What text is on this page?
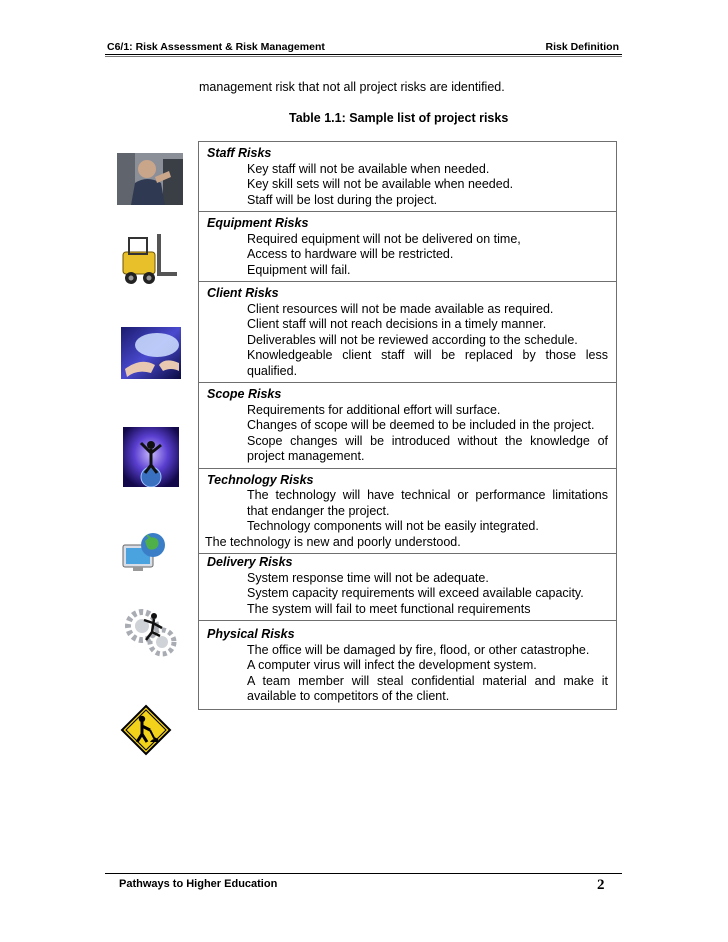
C6/1: Risk Assessment & Risk Management	Risk Definition
management risk that not all project risks are identified.
Table 1.1: Sample list of project risks
Staff Risks
Key staff will not be available when needed.
Key skill sets will not be available when needed.
Staff will be lost during the project.
Equipment Risks
Required equipment will not be delivered on time,
Access to hardware will be restricted.
Equipment will fail.
Client Risks
Client resources will not be made available as required.
Client staff will not reach decisions in a timely manner.
Deliverables will not be reviewed according to the schedule.
Knowledgeable client staff will be replaced by those less qualified.
Scope Risks
Requirements for additional effort will surface.
Changes of scope will be deemed to be included in the project.
Scope changes will be introduced without the knowledge of project management.
Technology Risks
The technology will have technical or performance limitations that endanger the project.
Technology components will not be easily integrated.
The technology is new and poorly understood.
Delivery Risks
System response time will not be adequate.
System capacity requirements will exceed available capacity.
The system will fail to meet functional requirements
Physical Risks
The office will be damaged by fire, flood, or other catastrophe.
A computer virus will infect the development system.
A team member will steal confidential material and make it available to competitors of the client.
Pathways to Higher Education	2
